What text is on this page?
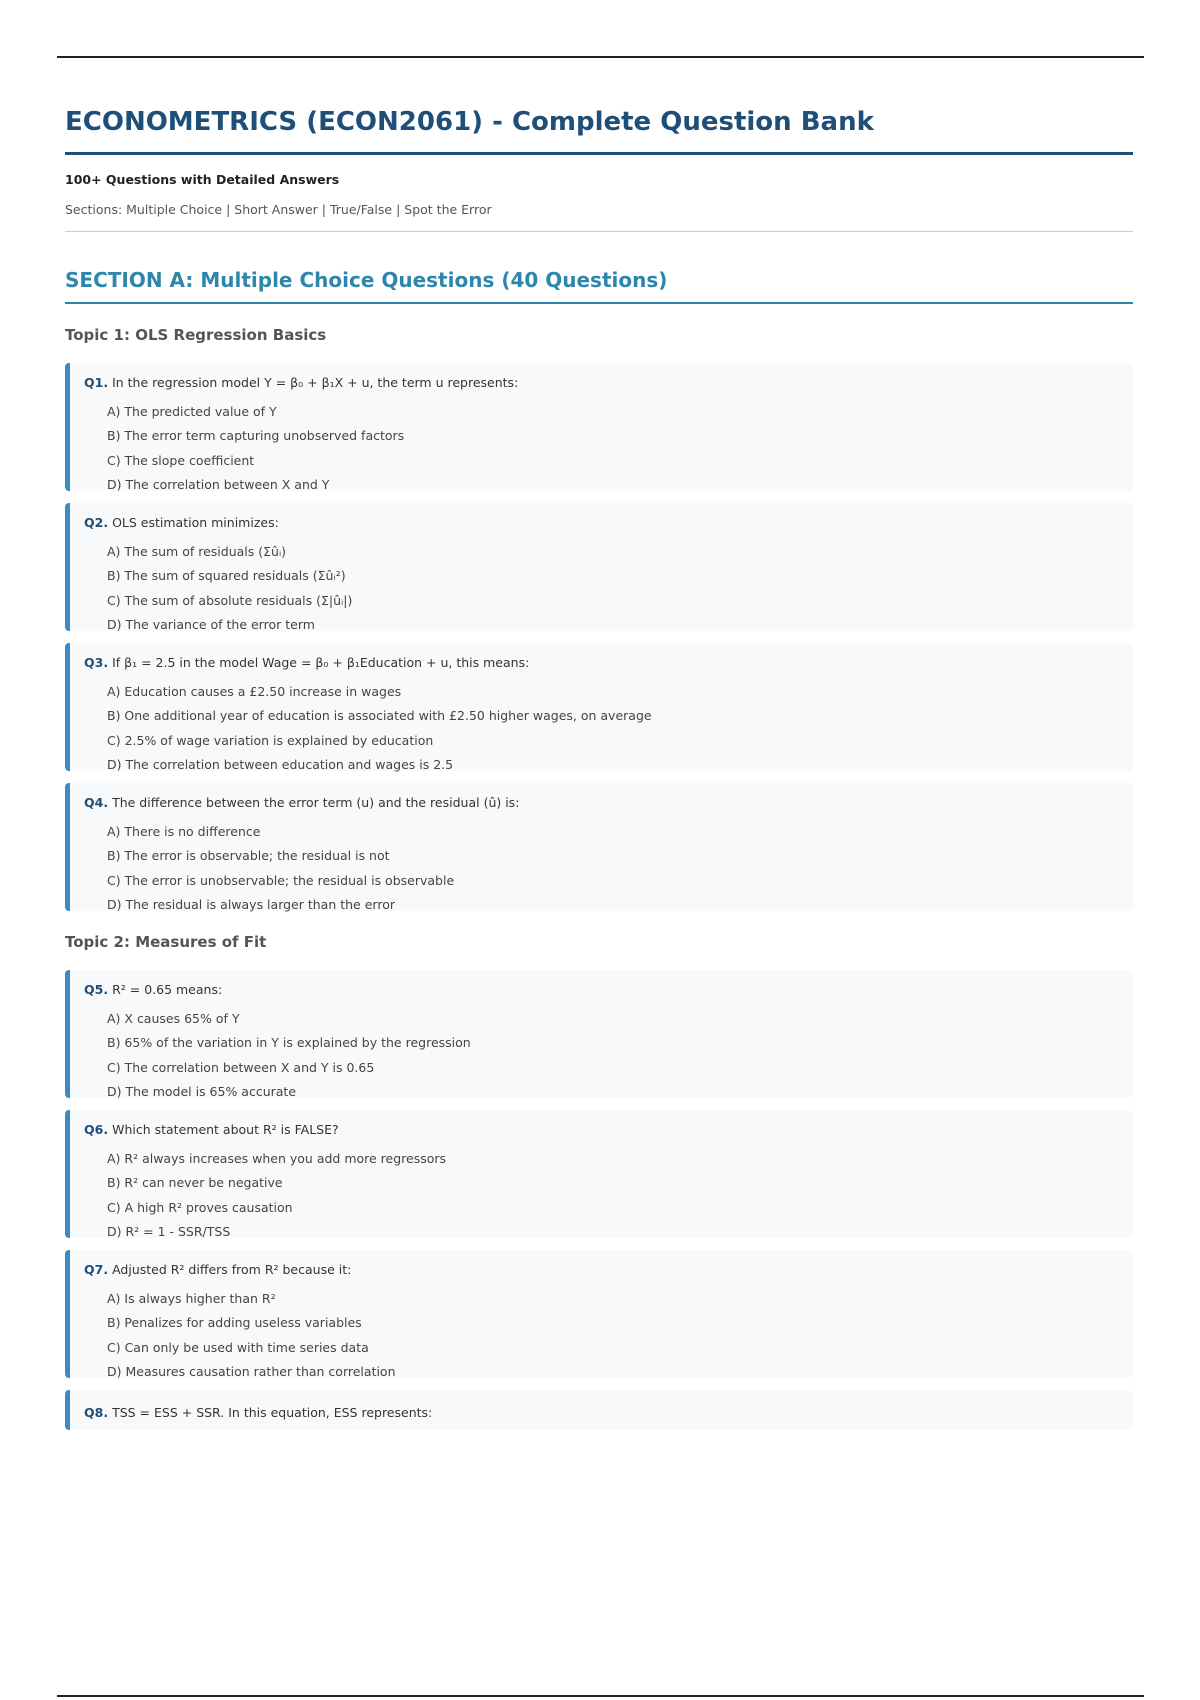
ECONOMETRICS (ECON2061) - Complete Question Bank
100+ Questions with Detailed Answers
Sections: Multiple Choice | Short Answer | True/False | Spot the Error
SECTION A: Multiple Choice Questions (40 Questions)
Topic 1: OLS Regression Basics
Q1. In the regression model Y = β₀ + β₁X + u, the term u represents:
A) The predicted value of Y
B) The error term capturing unobserved factors
C) The slope coefficient
D) The correlation between X and Y
Q2. OLS estimation minimizes:
A) The sum of residuals (Σûᵢ)
B) The sum of squared residuals (Σûᵢ²)
C) The sum of absolute residuals (Σ|ûᵢ|)
D) The variance of the error term
Q3. If β₁ = 2.5 in the model Wage = β₀ + β₁Education + u, this means:
A) Education causes a £2.50 increase in wages
B) One additional year of education is associated with £2.50 higher wages, on average
C) 2.5% of wage variation is explained by education
D) The correlation between education and wages is 2.5
Q4. The difference between the error term (u) and the residual (û) is:
A) There is no difference
B) The error is observable; the residual is not
C) The error is unobservable; the residual is observable
D) The residual is always larger than the error
Topic 2: Measures of Fit
Q5. R² = 0.65 means:
A) X causes 65% of Y
B) 65% of the variation in Y is explained by the regression
C) The correlation between X and Y is 0.65
D) The model is 65% accurate
Q6. Which statement about R² is FALSE?
A) R² always increases when you add more regressors
B) R² can never be negative
C) A high R² proves causation
D) R² = 1 - SSR/TSS
Q7. Adjusted R² differs from R² because it:
A) Is always higher than R²
B) Penalizes for adding useless variables
C) Can only be used with time series data
D) Measures causation rather than correlation
Q8. TSS = ESS + SSR. In this equation, ESS represents:
